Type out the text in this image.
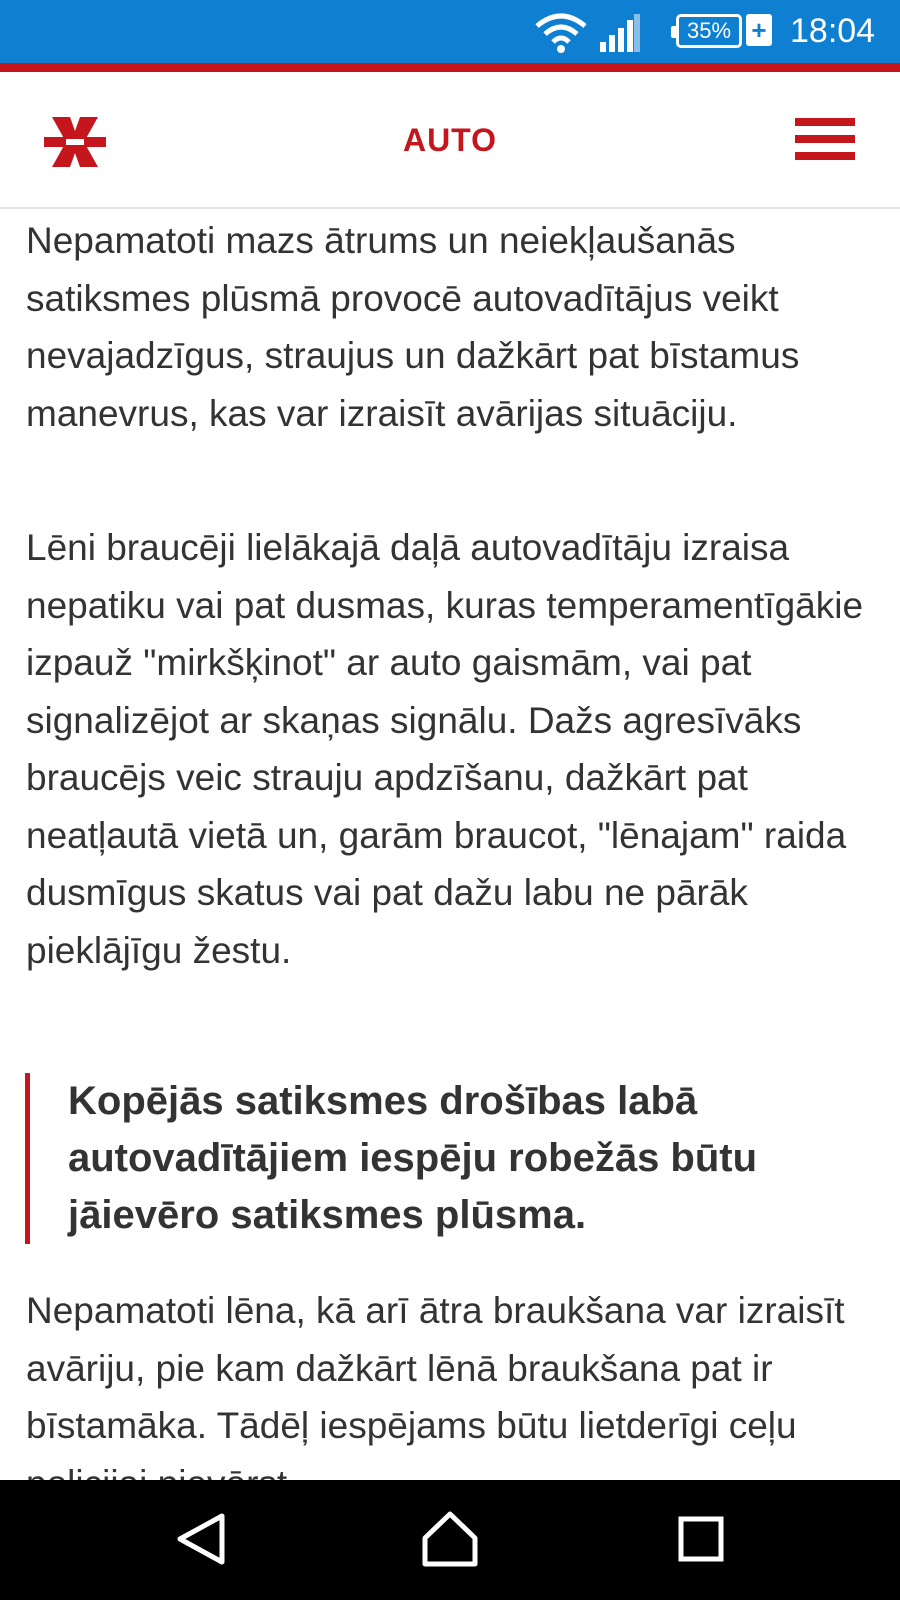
35% + 18:04
AUTO

Nepamatoti mazs ātrums un neiekļaušanās satiksmes plūsmā provocē autovadītājus veikt nevajadzīgus, straujus un dažkārt pat bīstamus manevrus, kas var izraisīt avārijas situāciju.

Lēni braucēji lielākajā daļā autovadītāju izraisa nepatiku vai pat dusmas, kuras temperamentīgākie izpauž "mirkšķinot" ar auto gaismām, vai pat signalizējot ar skaņas signālu. Dažs agresīvāks braucējs veic strauju apdzīšanu, dažkārt pat neatļautā vietā un, garām braucot, "lēnajam" raida dusmīgus skatus vai pat dažu labu ne pārāk pieklājīgu žestu.

Kopējās satiksmes drošības labā autovadītājiem iespēju robežās būtu jāievēro satiksmes plūsma.

Nepamatoti lēna, kā arī ātra braukšana var izraisīt avāriju, pie kam dažkārt lēnā braukšana pat ir bīstamāka. Tādēļ iespējams būtu lietderīgi ceļu
